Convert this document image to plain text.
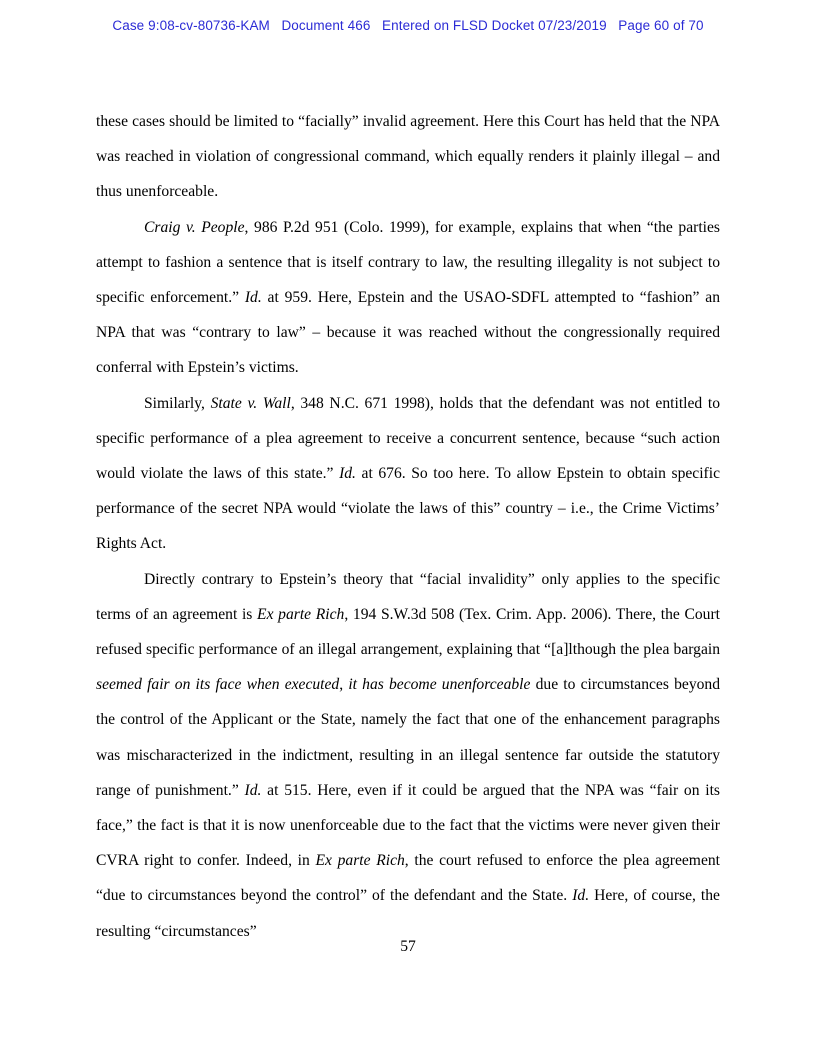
Case 9:08-cv-80736-KAM   Document 466   Entered on FLSD Docket 07/23/2019   Page 60 of 70

these cases should be limited to “facially” invalid agreement. Here this Court has held that the NPA was reached in violation of congressional command, which equally renders it plainly illegal – and thus unenforceable.

Craig v. People, 986 P.2d 951 (Colo. 1999), for example, explains that when “the parties attempt to fashion a sentence that is itself contrary to law, the resulting illegality is not subject to specific enforcement.” Id. at 959. Here, Epstein and the USAO-SDFL attempted to “fashion” an NPA that was “contrary to law” – because it was reached without the congressionally required conferral with Epstein’s victims.

Similarly, State v. Wall, 348 N.C. 671 1998), holds that the defendant was not entitled to specific performance of a plea agreement to receive a concurrent sentence, because “such action would violate the laws of this state.” Id. at 676. So too here. To allow Epstein to obtain specific performance of the secret NPA would “violate the laws of this” country – i.e., the Crime Victims’ Rights Act.

Directly contrary to Epstein’s theory that “facial invalidity” only applies to the specific terms of an agreement is Ex parte Rich, 194 S.W.3d 508 (Tex. Crim. App. 2006). There, the Court refused specific performance of an illegal arrangement, explaining that “[a]lthough the plea bargain seemed fair on its face when executed, it has become unenforceable due to circumstances beyond the control of the Applicant or the State, namely the fact that one of the enhancement paragraphs was mischaracterized in the indictment, resulting in an illegal sentence far outside the statutory range of punishment.” Id. at 515. Here, even if it could be argued that the NPA was “fair on its face,” the fact is that it is now unenforceable due to the fact that the victims were never given their CVRA right to confer. Indeed, in Ex parte Rich, the court refused to enforce the plea agreement “due to circumstances beyond the control” of the defendant and the State. Id. Here, of course, the resulting “circumstances”

57
